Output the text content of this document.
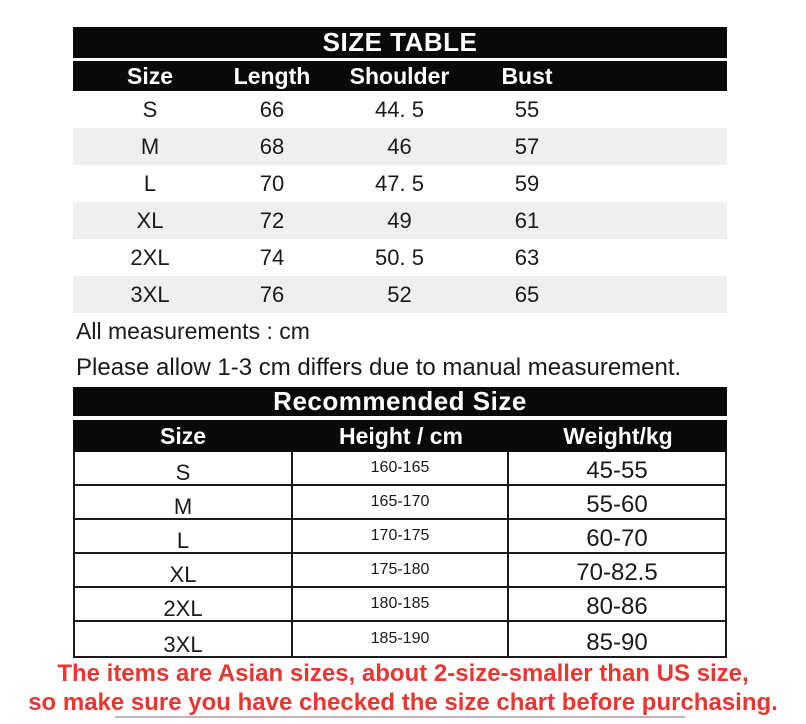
SIZE TABLE
Size	Length	Shoulder	Bust
S	66	44. 5	55
M	68	46	57
L	70	47. 5	59
XL	72	49	61
2XL	74	50. 5	63
3XL	76	52	65

All measurements : cm

Please allow 1-3 cm differs due to manual measurement.

Recommended Size
Size	Height / cm	Weight/kg
S	160-165	45-55
M	165-170	55-60
L	170-175	60-70
XL	175-180	70-82.5
2XL	180-185	80-86
3XL	185-190	85-90
The items are Asian sizes, about 2-size-smaller than US size,
so make sure you have checked the size chart before purchasing.
